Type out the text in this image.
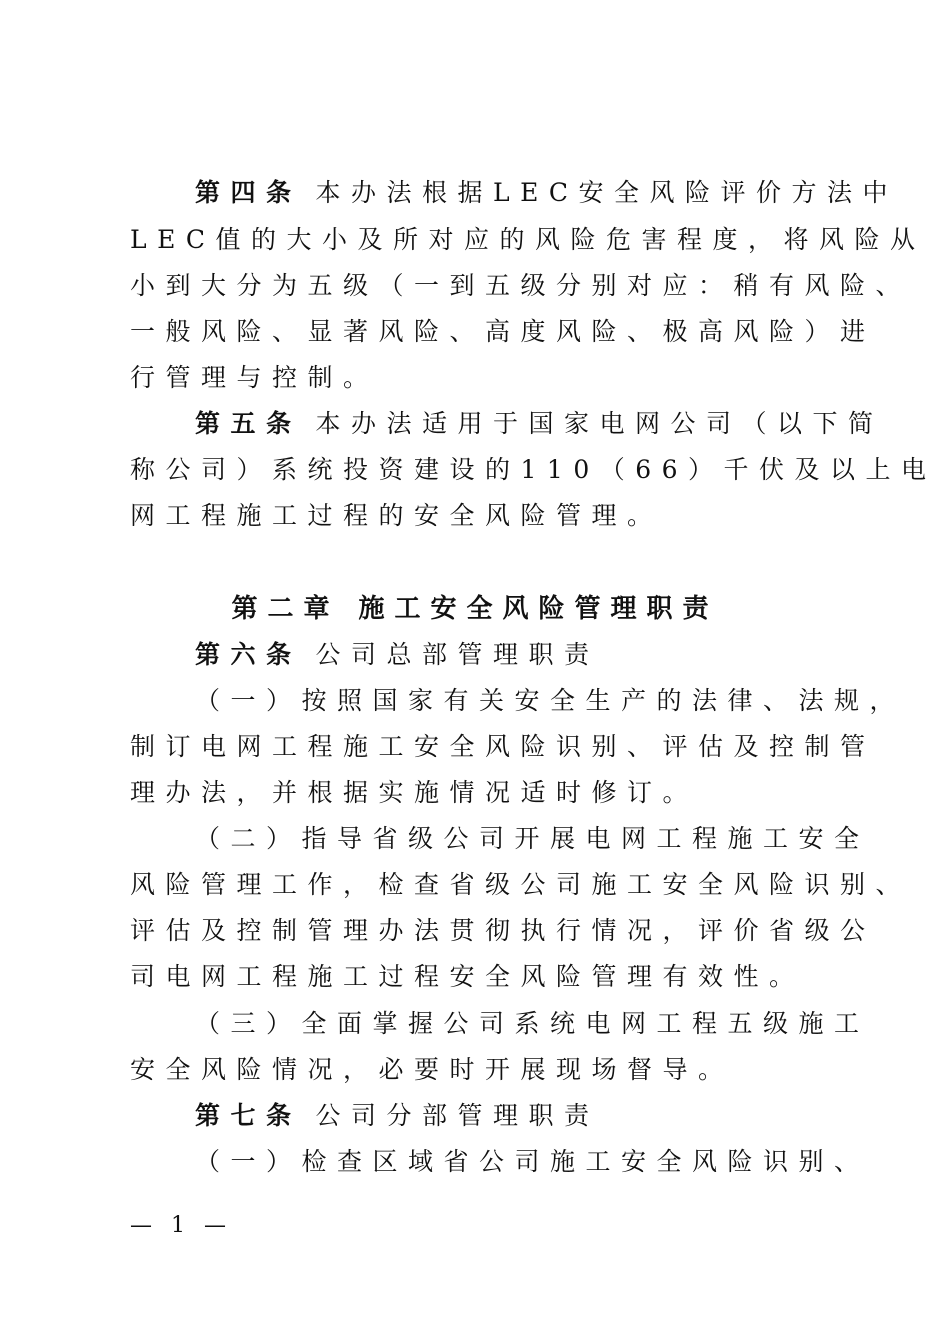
第四条 本办法根据LEC安全风险评价方法中
LEC值的大小及所对应的风险危害程度，将风险从
小到大分为五级（一到五级分别对应：稍有风险、
一般风险、显著风险、高度风险、极高风险）进
行管理与控制。
第五条 本办法适用于国家电网公司（以下简
称公司）系统投资建设的110（66）千伏及以上电
网工程施工过程的安全风险管理。
第二章 施工安全风险管理职责
第六条 公司总部管理职责
（一）按照国家有关安全生产的法律、法规，
制订电网工程施工安全风险识别、评估及控制管
理办法，并根据实施情况适时修订。
（二）指导省级公司开展电网工程施工安全
风险管理工作，检查省级公司施工安全风险识别、
评估及控制管理办法贯彻执行情况，评价省级公
司电网工程施工过程安全风险管理有效性。
（三）全面掌握公司系统电网工程五级施工
安全风险情况，必要时开展现场督导。
第七条 公司分部管理职责
（一）检查区域省公司施工安全风险识别、
— 1 —
